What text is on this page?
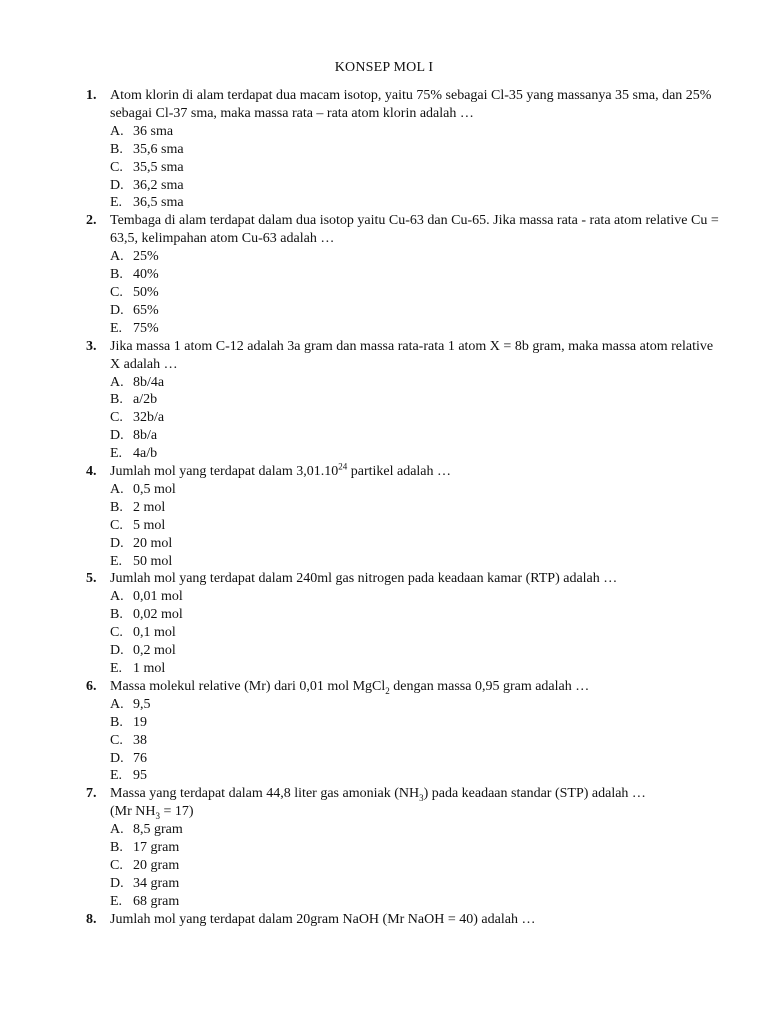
KONSEP MOL I
1. Atom klorin di alam terdapat dua macam isotop, yaitu 75% sebagai Cl-35 yang massanya 35 sma, dan 25% sebagai Cl-37 sma, maka massa rata – rata atom klorin adalah …
A. 36 sma
B. 35,6 sma
C. 35,5 sma
D. 36,2 sma
E. 36,5 sma
2. Tembaga di alam terdapat dalam dua isotop yaitu Cu-63 dan Cu-65. Jika massa rata - rata atom relative Cu = 63,5, kelimpahan atom Cu-63 adalah …
A. 25%
B. 40%
C. 50%
D. 65%
E. 75%
3. Jika massa 1 atom C-12 adalah 3a gram dan massa rata-rata 1 atom X = 8b gram, maka massa atom relative X adalah …
A. 8b/4a
B. a/2b
C. 32b/a
D. 8b/a
E. 4a/b
4. Jumlah mol yang terdapat dalam 3,01.10$^{24}$ partikel adalah …
A. 0,5 mol
B. 2 mol
C. 5 mol
D. 20 mol
E. 50 mol
5. Jumlah mol yang terdapat dalam 240ml gas nitrogen pada keadaan kamar (RTP) adalah …
A. 0,01 mol
B. 0,02 mol
C. 0,1 mol
D. 0,2 mol
E. 1 mol
6. Massa molekul relative (Mr) dari 0,01 mol MgCl$_2$ dengan massa 0,95 gram adalah …
A. 9,5
B. 19
C. 38
D. 76
E. 95
7. Massa yang terdapat dalam 44,8 liter gas amoniak $(NH_3)$ pada keadaan standar (STP) adalah …
(Mr $NH_3 = 17$)
A. 8,5 gram
B. 17 gram
C. 20 gram
D. 34 gram
E. 68 gram
8. Jumlah mol yang terdapat dalam 20gram NaOH (Mr NaOH = 40) adalah …
